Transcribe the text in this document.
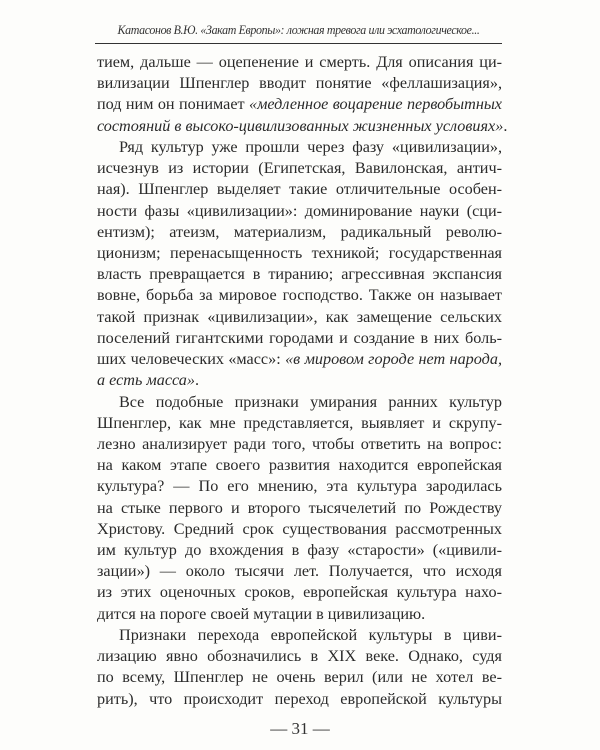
Катасонов В.Ю. «Закат Европы»: ложная тревога или эсхатологическое...
тием, дальше — оцепенение и смерть. Для описания ци-
вилизации Шпенглер вводит понятие «феллашизация»,
под ним он понимает «медленное воцарение первобытных
состояний в высоко-цивилизованных жизненных условиях».
Ряд культур уже прошли через фазу «цивилизации»,
исчезнув из истории (Египетская, Вавилонская, антич-
ная). Шпенглер выделяет такие отличительные особен-
ности фазы «цивилизации»: доминирование науки (сци-
ентизм); атеизм, материализм, радикальный револю-
ционизм; перенасыщенность техникой; государственная
власть превращается в тиранию; агрессивная экспансия
вовне, борьба за мировое господство. Также он называет
такой признак «цивилизации», как замещение сельских
поселений гигантскими городами и создание в них боль-
ших человеческих «масс»: «в мировом городе нет народа,
а есть масса».
Все подобные признаки умирания ранних культур
Шпенглер, как мне представляется, выявляет и скрупу-
лезно анализирует ради того, чтобы ответить на вопрос:
на каком этапе своего развития находится европейская
культура? — По его мнению, эта культура зародилась
на стыке первого и второго тысячелетий по Рождеству
Христову. Средний срок существования рассмотренных
им культур до вхождения в фазу «старости» («цивили-
зации») — около тысячи лет. Получается, что исходя
из этих оценочных сроков, европейская культура нахо-
дится на пороге своей мутации в цивилизацию.
Признаки перехода европейской культуры в циви-
лизацию явно обозначились в XIX веке. Однако, судя
по всему, Шпенглер не очень верил (или не хотел ве-
рить), что происходит переход европейской культуры
— 31 —
